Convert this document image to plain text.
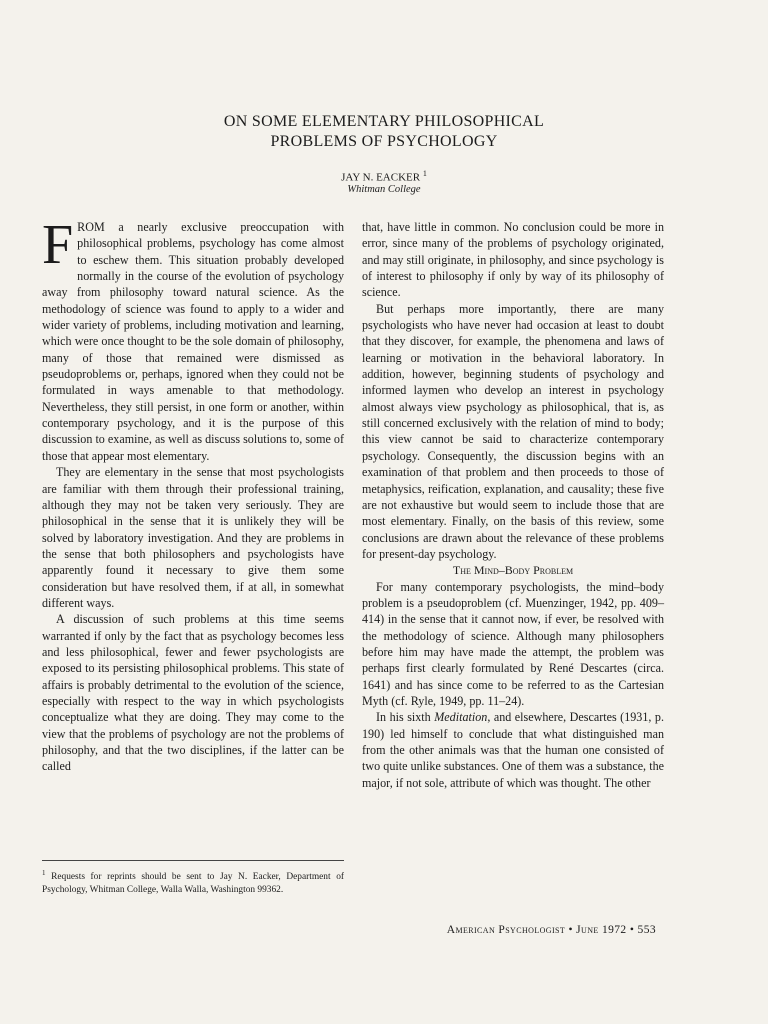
ON SOME ELEMENTARY PHILOSOPHICAL
PROBLEMS OF PSYCHOLOGY
JAY N. EACKER $^1$
Whitman College

FROM a nearly exclusive preoccupation with philosophical problems, psychology has come almost to eschew them. This situation probably developed normally in the course of the evolution of psychology away from philosophy toward natural science. As the methodology of science was found to apply to a wider and wider variety of problems, including motivation and learning, which were once thought to be the sole domain of philosophy, many of those that remained were dismissed as pseudoproblems or, perhaps, ignored when they could not be formulated in ways amenable to that methodology. Nevertheless, they still persist, in one form or another, within contemporary psychology, and it is the purpose of this discussion to examine, as well as discuss solutions to, some of those that appear most elementary.

They are elementary in the sense that most psychologists are familiar with them through their professional training, although they may not be taken very seriously. They are philosophical in the sense that it is unlikely they will be solved by laboratory investigation. And they are problems in the sense that both philosophers and psychologists have apparently found it necessary to give them some consideration but have resolved them, if at all, in somewhat different ways.

A discussion of such problems at this time seems warranted if only by the fact that as psychology becomes less and less philosophical, fewer and fewer psychologists are exposed to its persisting philosophical problems. This state of affairs is probably detrimental to the evolution of the science, especially with respect to the way in which psychologists conceptualize what they are doing. They may come to the view that the problems of psychology are not the problems of philosophy, and that the two disciplines, if the latter can be called

$^1$ Requests for reprints should be sent to Jay N. Eacker, Department of Psychology, Whitman College, Walla Walla, Washington 99362.

that, have little in common. No conclusion could be more in error, since many of the problems of psychology originated, and may still originate, in philosophy, and since psychology is of interest to philosophy if only by way of its philosophy of science.

But perhaps more importantly, there are many psychologists who have never had occasion at least to doubt that they discover, for example, the phenomena and laws of learning or motivation in the behavioral laboratory. In addition, however, beginning students of psychology and informed laymen who develop an interest in psychology almost always view psychology as philosophical, that is, as still concerned exclusively with the relation of mind to body; this view cannot be said to characterize contemporary psychology. Consequently, the discussion begins with an examination of that problem and then proceeds to those of metaphysics, reification, explanation, and causality; these five are not exhaustive but would seem to include those that are most elementary. Finally, on the basis of this review, some conclusions are drawn about the relevance of these problems for present-day psychology.

The Mind–Body Problem

For many contemporary psychologists, the mind–body problem is a pseudoproblem (cf. Muenzinger, 1942, pp. 409–414) in the sense that it cannot now, if ever, be resolved with the methodology of science. Although many philosophers before him may have made the attempt, the problem was perhaps first clearly formulated by René Descartes (circa. 1641) and has since come to be referred to as the Cartesian Myth (cf. Ryle, 1949, pp. 11–24).

In his sixth Meditation, and elsewhere, Descartes (1931, p. 190) led himself to conclude that what distinguished man from the other animals was that the human one consisted of two quite unlike substances. One of them was a substance, the major, if not sole, attribute of which was thought. The other

American Psychologist • June 1972 • 553
